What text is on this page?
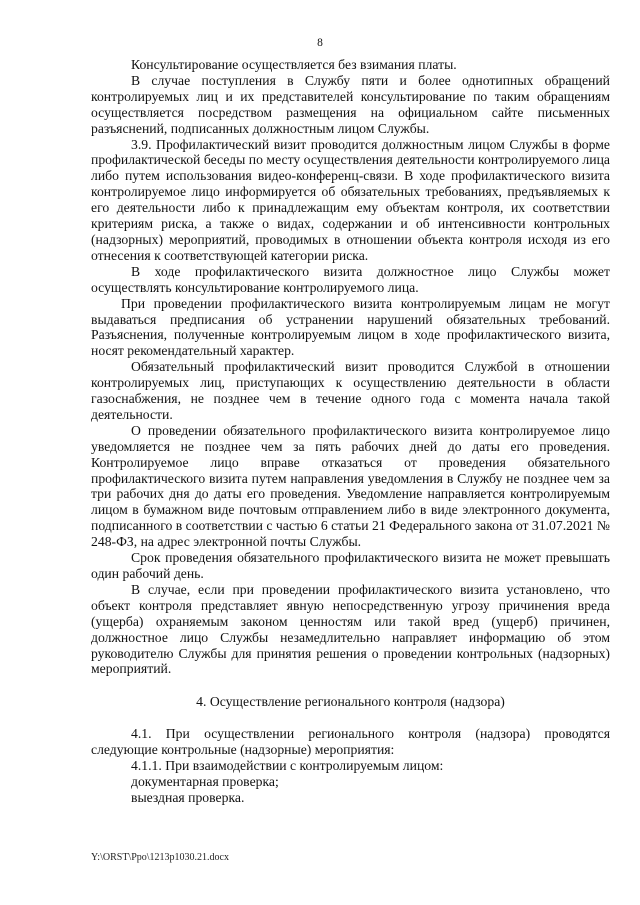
8

Консультирование осуществляется без взимания платы.

В случае поступления в Службу пяти и более однотипных обращений контролируемых лиц и их представителей консультирование по таким обращениям осуществляется посредством размещения на официальном сайте письменных разъяснений, подписанных должностным лицом Службы.

3.9. Профилактический визит проводится должностным лицом Службы в форме профилактической беседы по месту осуществления деятельности контролируемого лица либо путем использования видео-конференц-связи. В ходе профилактического визита контролируемое лицо информируется об обязательных требованиях, предъявляемых к его деятельности либо к принадлежащим ему объектам контроля, их соответствии критериям риска, а также о видах, содержании и об интенсивности контрольных (надзорных) мероприятий, проводимых в отношении объекта контроля исходя из его отнесения к соответствующей категории риска.

В ходе профилактического визита должностное лицо Службы может осуществлять консультирование контролируемого лица.

При проведении профилактического визита контролируемым лицам не могут выдаваться предписания об устранении нарушений обязательных требований. Разъяснения, полученные контролируемым лицом в ходе профилактического визита, носят рекомендательный характер.

Обязательный профилактический визит проводится Службой в отношении контролируемых лиц, приступающих к осуществлению деятельности в области газоснабжения, не позднее чем в течение одного года с момента начала такой деятельности.

О проведении обязательного профилактического визита контролируемое лицо уведомляется не позднее чем за пять рабочих дней до даты его проведения. Контролируемое лицо вправе отказаться от проведения обязательного профилактического визита путем направления уведомления в Службу не позднее чем за три рабочих дня до даты его проведения. Уведомление направляется контролируемым лицом в бумажном виде почтовым отправлением либо в виде электронного документа, подписанного в соответствии с частью 6 статьи 21 Федерального закона от 31.07.2021 № 248-ФЗ, на адрес электронной почты Службы.

Срок проведения обязательного профилактического визита не может превышать один рабочий день.

В случае, если при проведении профилактического визита установлено, что объект контроля представляет явную непосредственную угрозу причинения вреда (ущерба) охраняемым законом ценностям или такой вред (ущерб) причинен, должностное лицо Службы незамедлительно направляет информацию об этом руководителю Службы для принятия решения о проведении контрольных (надзорных) мероприятий.

4. Осуществление регионального контроля (надзора)

4.1. При осуществлении регионального контроля (надзора) проводятся следующие контрольные (надзорные) мероприятия:

4.1.1. При взаимодействии с контролируемым лицом:

документарная проверка;

выездная проверка.

Y:\ORST\Ppo\1213p1030.21.docx
